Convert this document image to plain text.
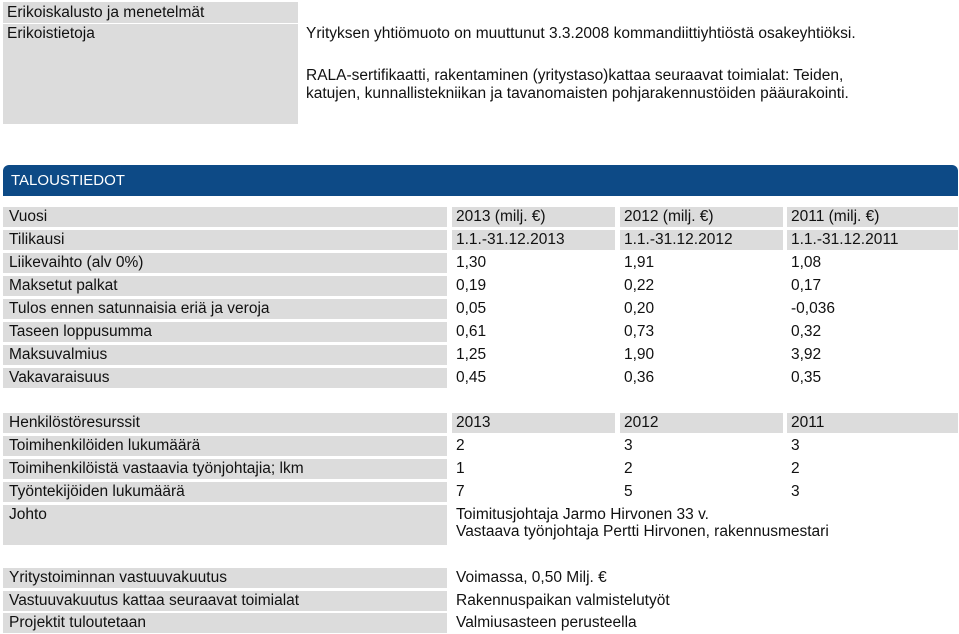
Erikoiskalusto ja menetelmät
Erikoistietoja	Yrityksen yhtiömuoto on muuttunut 3.3.2008 kommandiittiyhtiöstä osakeyhtiöksi.
RALA-sertifikaatti, rakentaminen (yritystaso)kattaa seuraavat toimialat: Teiden,
katujen, kunnallistekniikan ja tavanomaisten pohjarakennustöiden pääurakointi.
TALOUSTIEDOT
Vuosi	2013 (milj. €)	2012 (milj. €)	2011 (milj. €)
Tilikausi	1.1.-31.12.2013	1.1.-31.12.2012	1.1.-31.12.2011
Liikevaihto (alv 0%)	1,30	1,91	1,08
Maksetut palkat	0,19	0,22	0,17
Tulos ennen satunnaisia eriä ja veroja	0,05	0,20	-0,036
Taseen loppusumma	0,61	0,73	0,32
Maksuvalmius	1,25	1,90	3,92
Vakavaraisuus	0,45	0,36	0,35
Henkilöstöresurssit	2013	2012	2011
Toimihenkilöiden lukumäärä	2	3	3
Toimihenkilöistä vastaavia työnjohtajia; lkm	1	2	2
Työntekijöiden lukumäärä	7	5	3
Johto	Toimitusjohtaja Jarmo Hirvonen 33 v.
Vastaava työnjohtaja Pertti Hirvonen, rakennusmestari
Yritystoiminnan vastuuvakuutus	Voimassa, 0,50 Milj. €
Vastuuvakuutus kattaa seuraavat toimialat	Rakennuspaikan valmistelutyöt
Projektit tuloutetaan	Valmiusasteen perusteella
